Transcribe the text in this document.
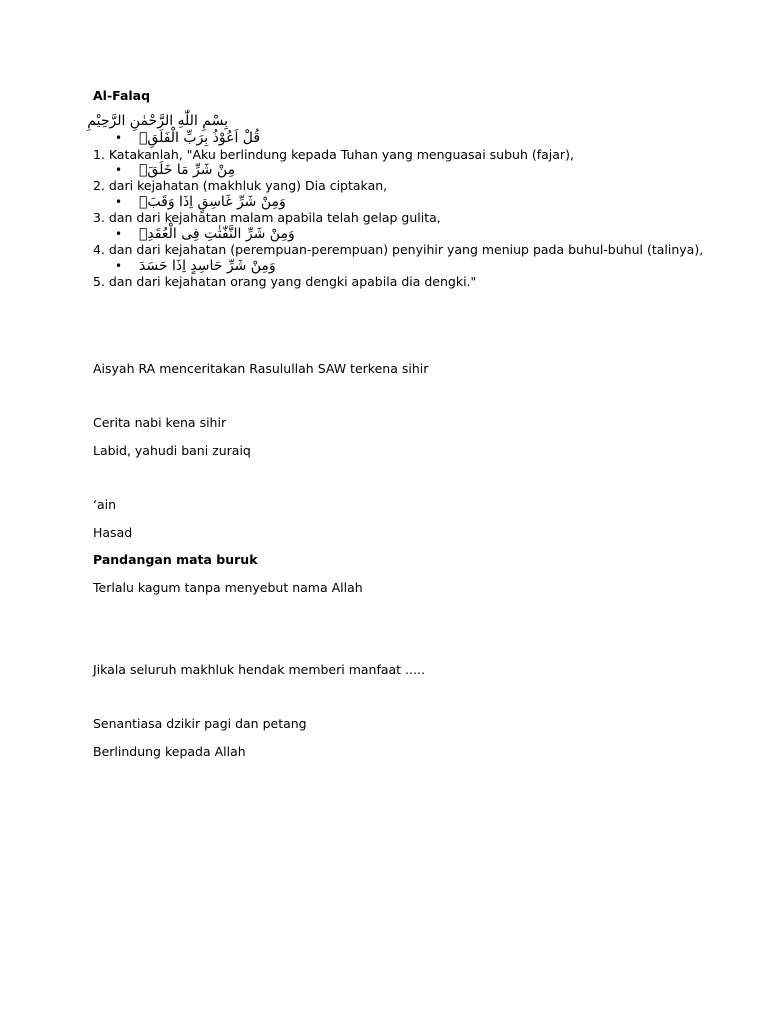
Al-Falaq
بِسْمِ اللّٰهِ الرَّحْمٰنِ الرَّحِيْمِ
• قُلْ اَعُوْذُ بِرَبِّ الْفَلَقِۙ
1. Katakanlah, "Aku berlindung kepada Tuhan yang menguasai subuh (fajar),
• مِنْ شَرِّ مَا خَلَقَۙ
2. dari kejahatan (makhluk yang) Dia ciptakan,
• وَمِنْ شَرِّ غَاسِقٍ اِذَا وَقَبَۙ
3. dan dari kejahatan malam apabila telah gelap gulita,
• وَمِنْ شَرِّ النَّفّٰثٰتِ فِى الْعُقَدِۙ
4. dan dari kejahatan (perempuan-perempuan) penyihir yang meniup pada buhul-buhul (talinya),
• وَمِنْ شَرِّ حَاسِدٍ اِذَا حَسَدَ
5. dan dari kejahatan orang yang dengki apabila dia dengki."
Aisyah RA menceritakan Rasulullah SAW terkena sihir
Cerita nabi kena sihir
Labid, yahudi bani zuraiq
‘ain
Hasad
Pandangan mata buruk
Terlalu kagum tanpa menyebut nama Allah
Jikala seluruh makhluk hendak memberi manfaat .....
Senantiasa dzikir pagi dan petang
Berlindung kepada Allah
